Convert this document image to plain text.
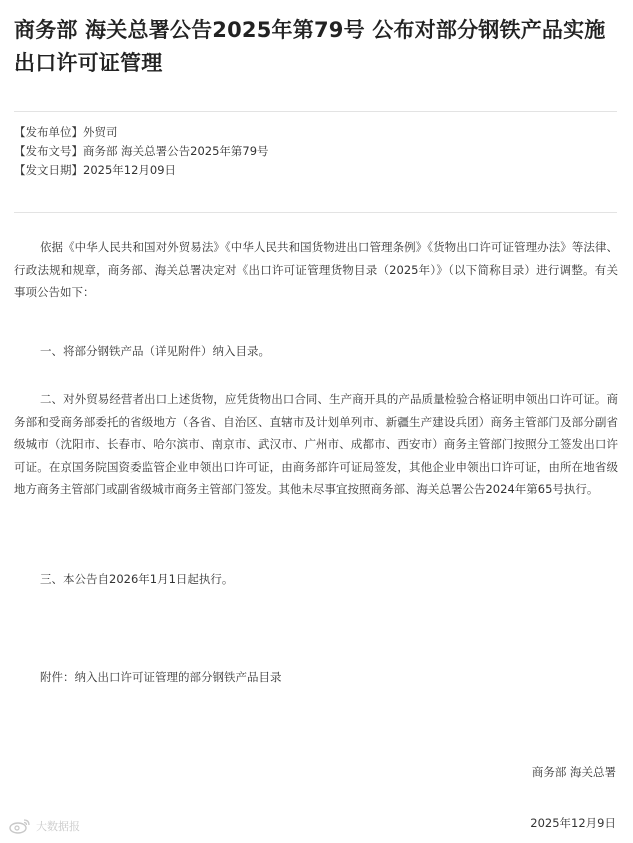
商务部 海关总署公告2025年第79号 公布对部分钢铁产品实施出口许可证管理
【发布单位】外贸司
【发布文号】商务部 海关总署公告2025年第79号
【发文日期】2025年12月09日

依据《中华人民共和国对外贸易法》《中华人民共和国货物进出口管理条例》《货物出口许可证管理办法》等法律、行政法规和规章，商务部、海关总署决定对《出口许可证管理货物目录（2025年）》（以下简称目录）进行调整。有关事项公告如下：

一、将部分钢铁产品（详见附件）纳入目录。

二、对外贸易经营者出口上述货物，应凭货物出口合同、生产商开具的产品质量检验合格证明申领出口许可证。商务部和受商务部委托的省级地方（各省、自治区、直辖市及计划单列市、新疆生产建设兵团）商务主管部门及部分副省级城市（沈阳市、长春市、哈尔滨市、南京市、武汉市、广州市、成都市、西安市）商务主管部门按照分工签发出口许可证。在京国务院国资委监管企业申领出口许可证，由商务部许可证局签发，其他企业申领出口许可证，由所在地省级地方商务主管部门或副省级城市商务主管部门签发。其他未尽事宜按照商务部、海关总署公告2024年第65号执行。

三、本公告自2026年1月1日起执行。

附件：纳入出口许可证管理的部分钢铁产品目录

商务部 海关总署
2025年12月9日
大数据报
